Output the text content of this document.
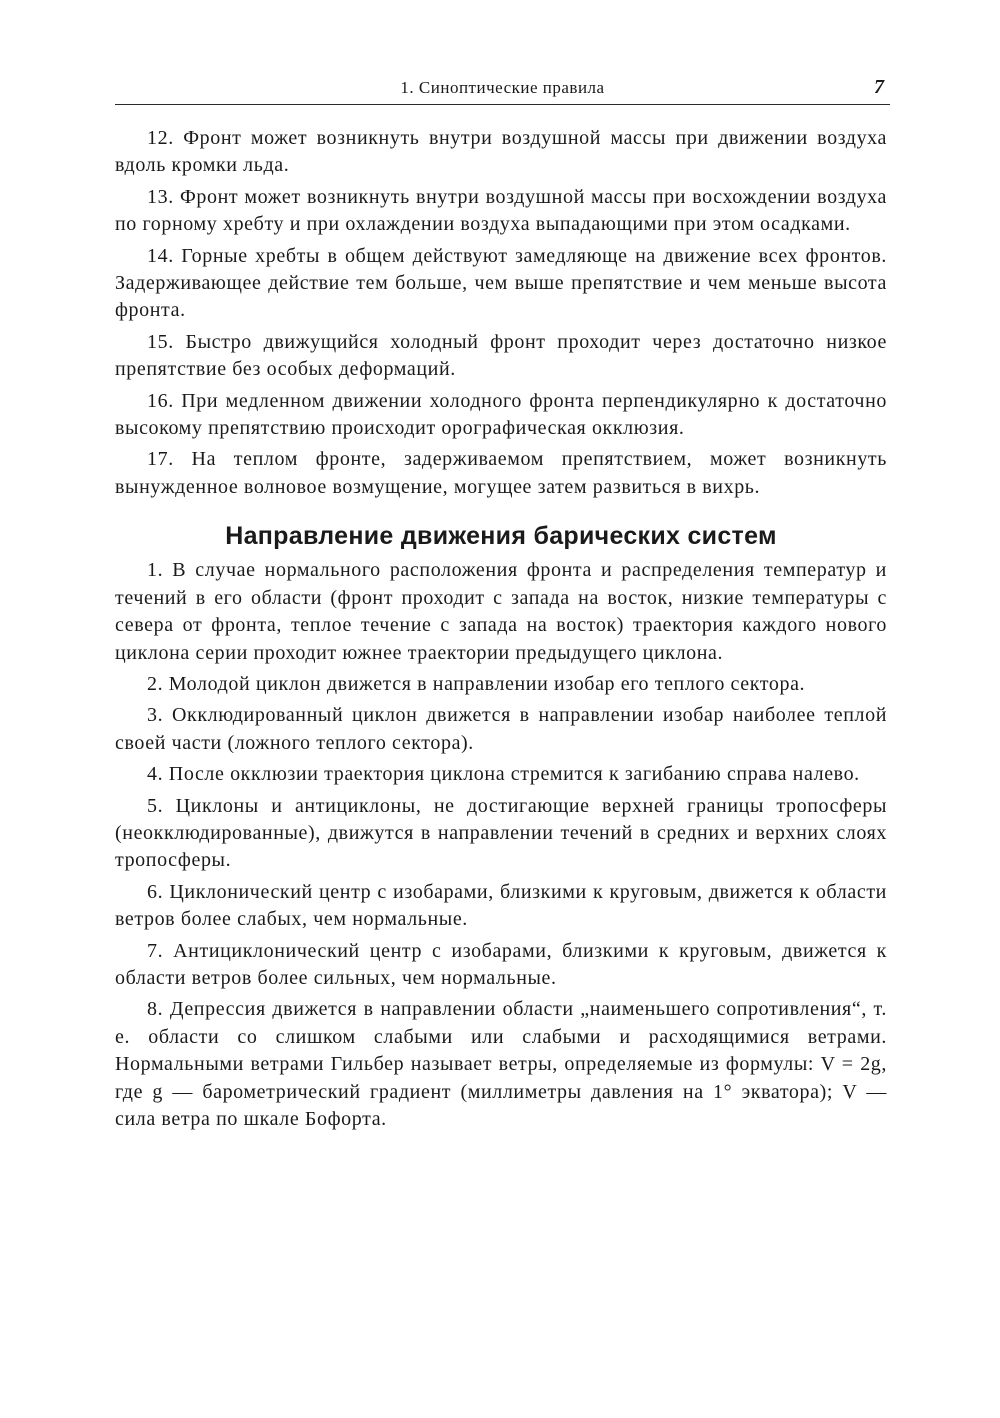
1. Синоптические правила	7

12. Фронт может возникнуть внутри воздушной массы при движении воздуха вдоль кромки льда.

13. Фронт может возникнуть внутри воздушной массы при восхождении воздуха по горному хребту и при охлаждении воздуха выпадающими при этом осадками.

14. Горные хребты в общем действуют замедляюще на движение всех фронтов. Задерживающее действие тем больше, чем выше препятствие и чем меньше высота фронта.

15. Быстро движущийся холодный фронт проходит через достаточно низкое препятствие без особых деформаций.

16. При медленном движении холодного фронта перпендикулярно к достаточно высокому препятствию происходит орографическая окклюзия.

17. На теплом фронте, задерживаемом препятствием, может возникнуть вынужденное волновое возмущение, могущее затем развиться в вихрь.

Направление движения барических систем

1. В случае нормального расположения фронта и распределения температур и течений в его области (фронт проходит с запада на восток, низкие температуры с севера от фронта, теплое течение с запада на восток) траектория каждого нового циклона серии проходит южнее траектории предыдущего циклона.

2. Молодой циклон движется в направлении изобар его теплого сектора.

3. Окклюдированный циклон движется в направлении изобар наиболее теплой своей части (ложного теплого сектора).

4. После окклюзии траектория циклона стремится к загибанию справа налево.

5. Циклоны и антициклоны, не достигающие верхней границы тропосферы (неокклюдированные), движутся в направлении течений в средних и верхних слоях тропосферы.

6. Циклонический центр с изобарами, близкими к круговым, движется к области ветров более слабых, чем нормальные.

7. Антициклонический центр с изобарами, близкими к круговым, движется к области ветров более сильных, чем нормальные.

8. Депрессия движется в направлении области „наименьшего сопротивления“, т. е. области со слишком слабыми или слабыми и расходящимися ветрами. Нормальными ветрами Гильбер называет ветры, определяемые из формулы: V = 2g, где g — барометрический градиент (миллиметры давления на 1° экватора); V — сила ветра по шкале Бофорта.
